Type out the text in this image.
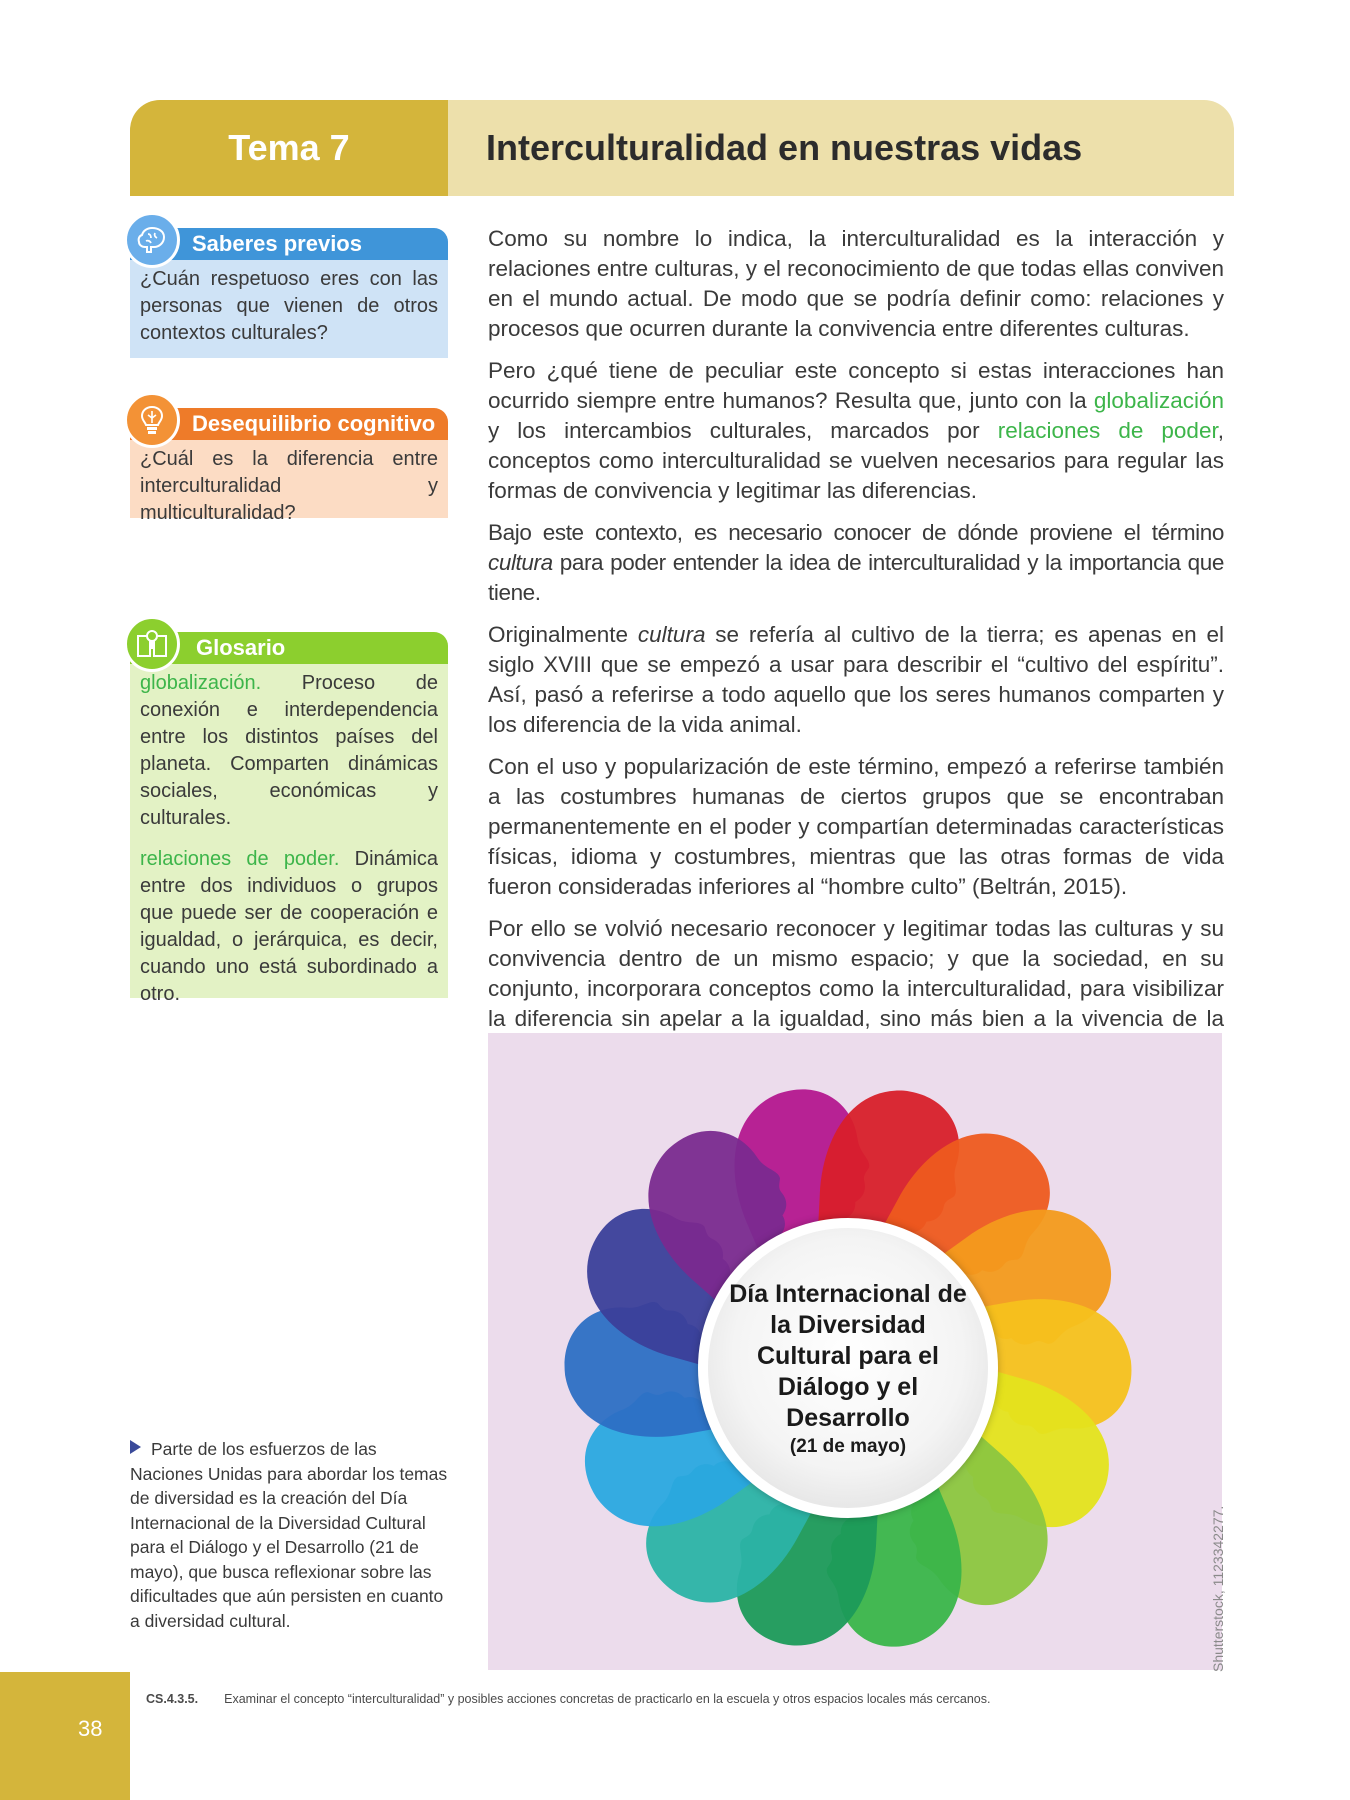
Tema 7	Interculturalidad en nuestras vidas
Saberes previos
¿Cuán respetuoso eres con las personas que vienen de otros contextos culturales?
Desequilibrio cognitivo
¿Cuál es la diferencia entre interculturalidad y multiculturalidad?
Glosario

globalización. Proceso de conexión e interdependencia entre los distintos países del planeta. Comparten dinámicas sociales, económicas y culturales.

relaciones de poder. Dinámica entre dos individuos o grupos que puede ser de cooperación e igualdad, o jerárquica, es decir, cuando uno está subordinado a otro.

Como su nombre lo indica, la interculturalidad es la interacción y relaciones entre culturas, y el reconocimiento de que todas ellas conviven en el mundo actual. De modo que se podría definir como: relaciones y procesos que ocurren durante la convivencia entre diferentes culturas.

Pero ¿qué tiene de peculiar este concepto si estas interacciones han ocurrido siempre entre humanos? Resulta que, junto con la globalización y los intercambios culturales, marcados por relaciones de poder, conceptos como interculturalidad se vuelven necesarios para regular las formas de convivencia y legitimar las diferencias.

Bajo este contexto, es necesario conocer de dónde proviene el término cultura para poder entender la idea de interculturalidad y la importancia que tiene.

Originalmente cultura se refería al cultivo de la tierra; es apenas en el siglo XVIII que se empezó a usar para describir el “cultivo del espíritu”. Así, pasó a referirse a todo aquello que los seres humanos comparten y los diferencia de la vida animal.

Con el uso y popularización de este término, empezó a referirse también a las costumbres humanas de ciertos grupos que se encontraban permanentemente en el poder y compartían determinadas características físicas, idioma y costumbres, mientras que las otras formas de vida fueron consideradas inferiores al “hombre culto” (Beltrán, 2015).

Por ello se volvió necesario reconocer y legitimar todas las culturas y su convivencia dentro de un mismo espacio; y que la sociedad, en su conjunto, incorporara conceptos como la interculturalidad, para visibilizar la diferencia sin apelar a la igualdad, sino más bien a la vivencia de la

Día Internacional de la Diversidad Cultural para el Diálogo y el Desarrollo
(21 de mayo)
Shutterstock, 1123342277.
Parte de los esfuerzos de las Naciones Unidas para abordar los temas de diversidad es la creación del Día Internacional de la Diversidad Cultural para el Diálogo y el Desarrollo (21 de mayo), que busca reflexionar sobre las dificultades que aún persisten en cuanto a diversidad cultural.
CS.4.3.5. Examinar el concepto “interculturalidad” y posibles acciones concretas de practicarlo en la escuela y otros espacios locales más cercanos.
38
